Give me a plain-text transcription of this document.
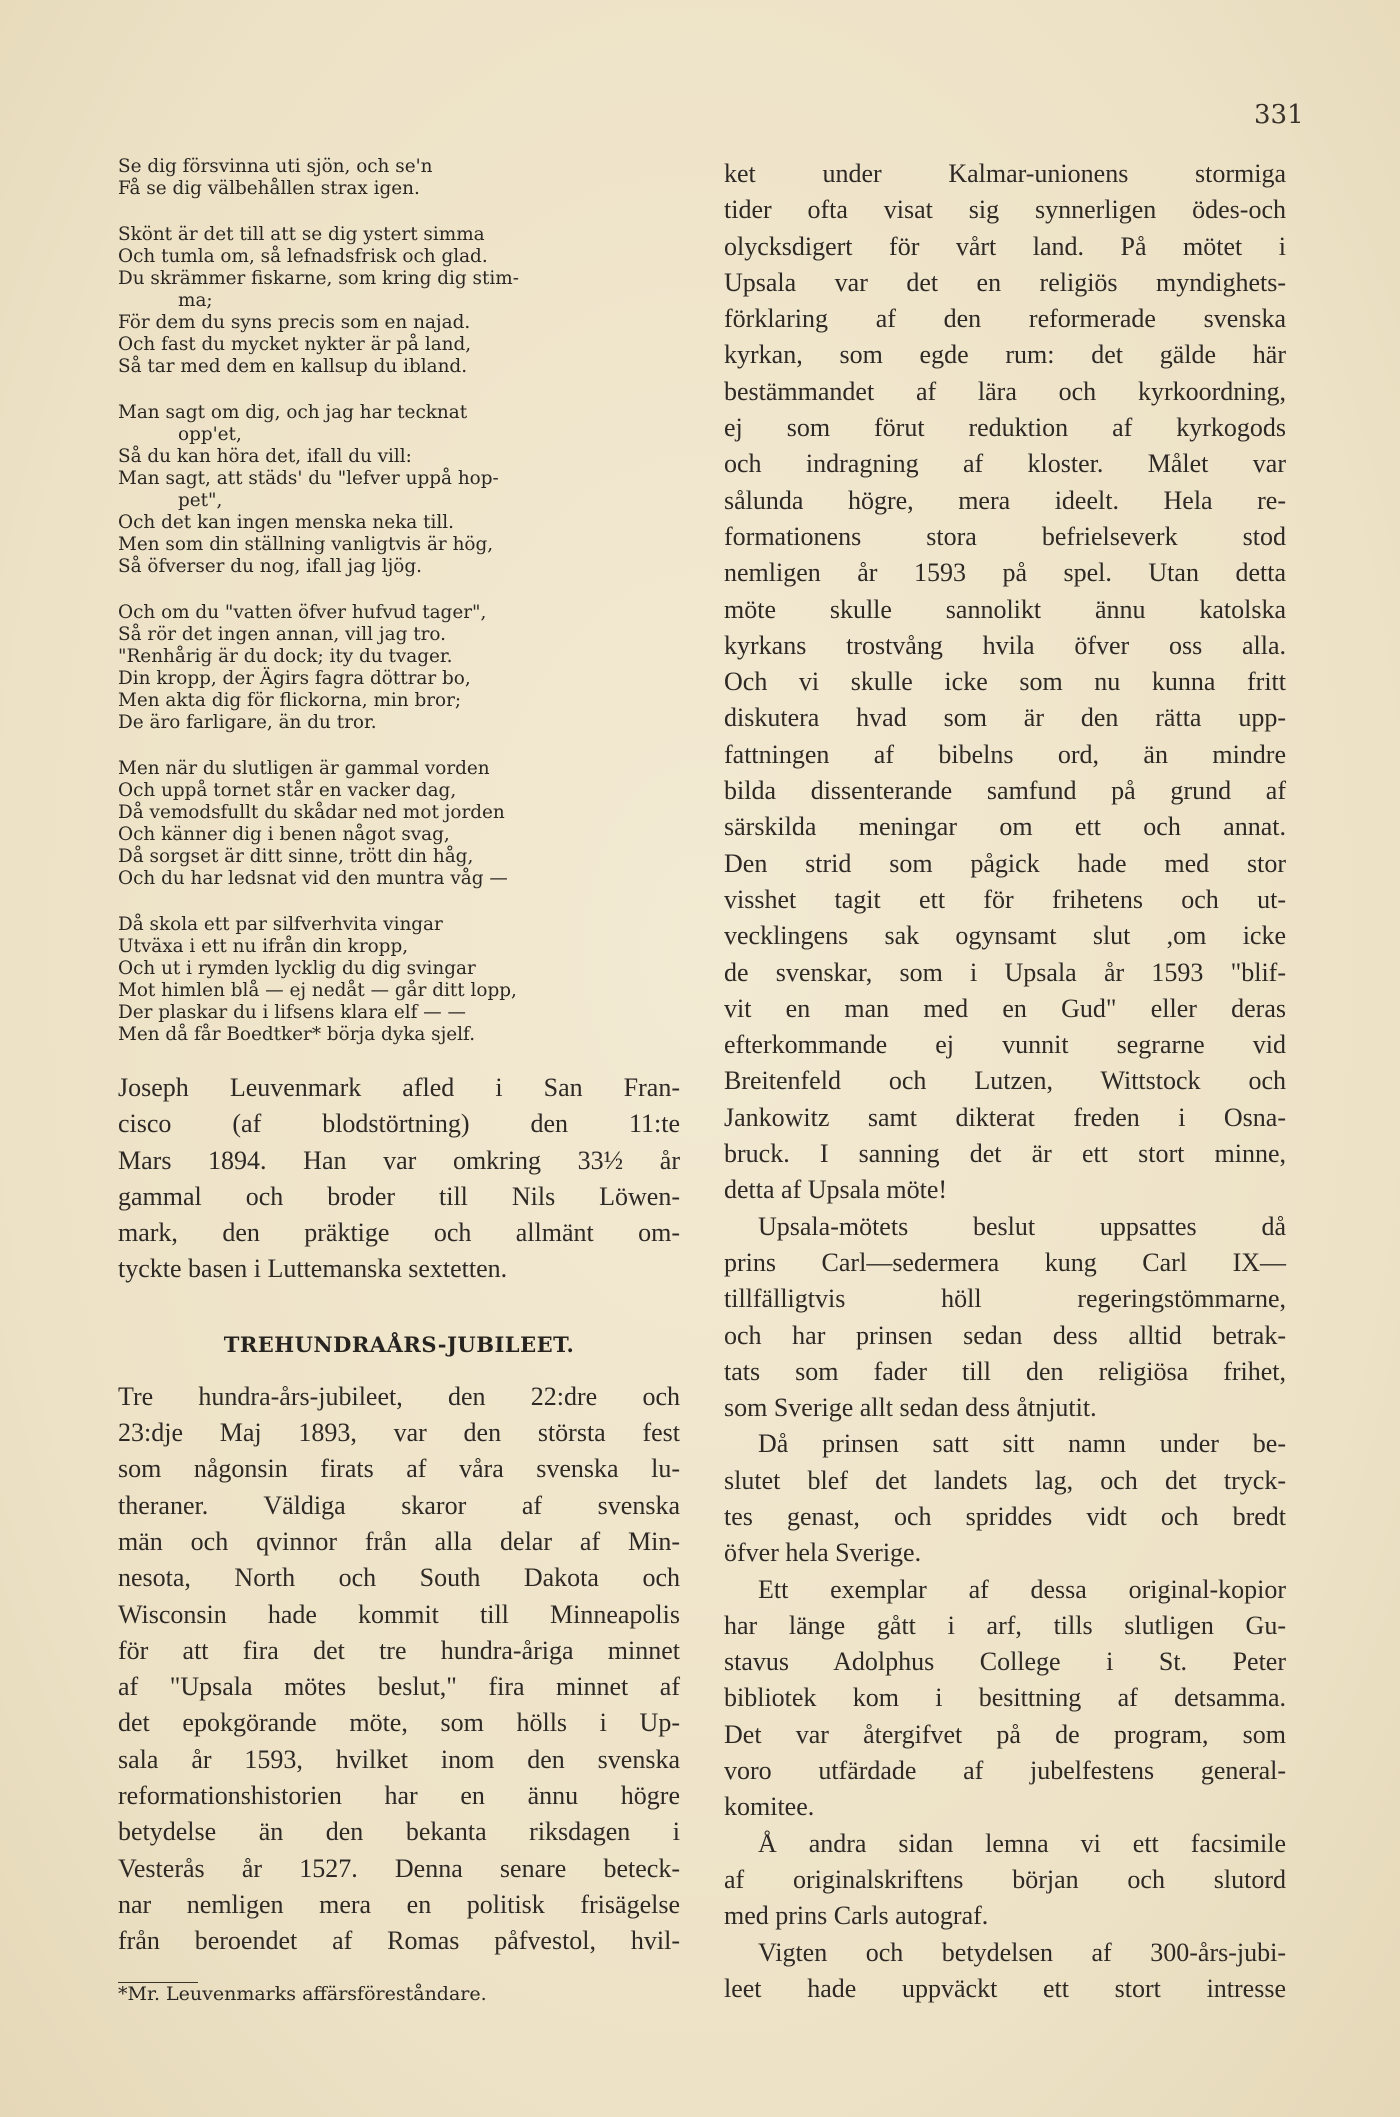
331
Se dig försvinna uti sjön, och se'n
Få se dig välbehållen strax igen.
Skönt är det till att se dig ystert simma
Och tumla om, så lefnadsfrisk och glad.
Du skrämmer fiskarne, som kring dig stim-
ma;
För dem du syns precis som en najad.
Och fast du mycket nykter är på land,
Så tar med dem en kallsup du ibland.
Man sagt om dig, och jag har tecknat
opp'et,
Så du kan höra det, ifall du vill:
Man sagt, att städs' du "lefver uppå hop-
pet",
Och det kan ingen menska neka till.
Men som din ställning vanligtvis är hög,
Så öfverser du nog, ifall jag ljög.
Och om du "vatten öfver hufvud tager",
Så rör det ingen annan, vill jag tro.
"Renhårig är du dock; ity du tvager.
Din kropp, der Ägirs fagra döttrar bo,
Men akta dig för flickorna, min bror;
De äro farligare, än du tror.
Men när du slutligen är gammal vorden
Och uppå tornet står en vacker dag,
Då vemodsfullt du skådar ned mot jorden
Och känner dig i benen något svag,
Då sorgset är ditt sinne, trött din håg,
Och du har ledsnat vid den muntra våg —
Då skola ett par silfverhvita vingar
Utväxa i ett nu ifrån din kropp,
Och ut i rymden lycklig du dig svingar
Mot himlen blå — ej nedåt — går ditt lopp,
Der plaskar du i lifsens klara elf — —
Men då får Boedtker* börja dyka sjelf.
Joseph Leuvenmark afled i San Fran-
cisco (af blodstörtning) den 11:te
Mars 1894. Han var omkring 33½ år
gammal och broder till Nils Löwen-
mark, den präktige och allmänt om-
tyckte basen i Luttemanska sextetten.
TREHUNDRAÅRS-JUBILEET.
Tre hundra-års-jubileet, den 22:dre och
23:dje Maj 1893, var den största fest
som någonsin firats af våra svenska lu-
theraner. Väldiga skaror af svenska
män och qvinnor från alla delar af Min-
nesota, North och South Dakota och
Wisconsin hade kommit till Minneapolis
för att fira det tre hundra-åriga minnet
af "Upsala mötes beslut," fira minnet af
det epokgörande möte, som hölls i Up-
sala år 1593, hvilket inom den svenska
reformationshistorien har en ännu högre
betydelse än den bekanta riksdagen i
Vesterås år 1527. Denna senare beteck-
nar nemligen mera en politisk frisägelse
från beroendet af Romas påfvestol, hvil-
*Mr. Leuvenmarks affärsföreståndare.
ket under Kalmar-unionens stormiga
tider ofta visat sig synnerligen ödes-och
olycksdigert för vårt land. På mötet i
Upsala var det en religiös myndighets-
förklaring af den reformerade svenska
kyrkan, som egde rum: det gälde här
bestämmandet af lära och kyrkoordning,
ej som förut reduktion af kyrkogods
och indragning af kloster. Målet var
sålunda högre, mera ideelt. Hela re-
formationens stora befrielseverk stod
nemligen år 1593 på spel. Utan detta
möte skulle sannolikt ännu katolska
kyrkans trostvång hvila öfver oss alla.
Och vi skulle icke som nu kunna fritt
diskutera hvad som är den rätta upp-
fattningen af bibelns ord, än mindre
bilda dissenterande samfund på grund af
särskilda meningar om ett och annat.
Den strid som pågick hade med stor
visshet tagit ett för frihetens och ut-
vecklingens sak ogynsamt slut ,om icke
de svenskar, som i Upsala år 1593 "blif-
vit en man med en Gud" eller deras
efterkommande ej vunnit segrarne vid
Breitenfeld och Lutzen, Wittstock och
Jankowitz samt dikterat freden i Osna-
bruck. I sanning det är ett stort minne,
detta af Upsala möte!
Upsala-mötets beslut uppsattes då
prins Carl—sedermera kung Carl IX—
tillfälligtvis höll regeringstömmarne,
och har prinsen sedan dess alltid betrak-
tats som fader till den religiösa frihet,
som Sverige allt sedan dess åtnjutit.
Då prinsen satt sitt namn under be-
slutet blef det landets lag, och det tryck-
tes genast, och spriddes vidt och bredt
öfver hela Sverige.
Ett exemplar af dessa original-kopior
har länge gått i arf, tills slutligen Gu-
stavus Adolphus College i St. Peter
bibliotek kom i besittning af detsamma.
Det var återgifvet på de program, som
voro utfärdade af jubelfestens general-
komitee.
Å andra sidan lemna vi ett facsimile
af originalskriftens början och slutord
med prins Carls autograf.
Vigten och betydelsen af 300-års-jubi-
leet hade uppväckt ett stort intresse
